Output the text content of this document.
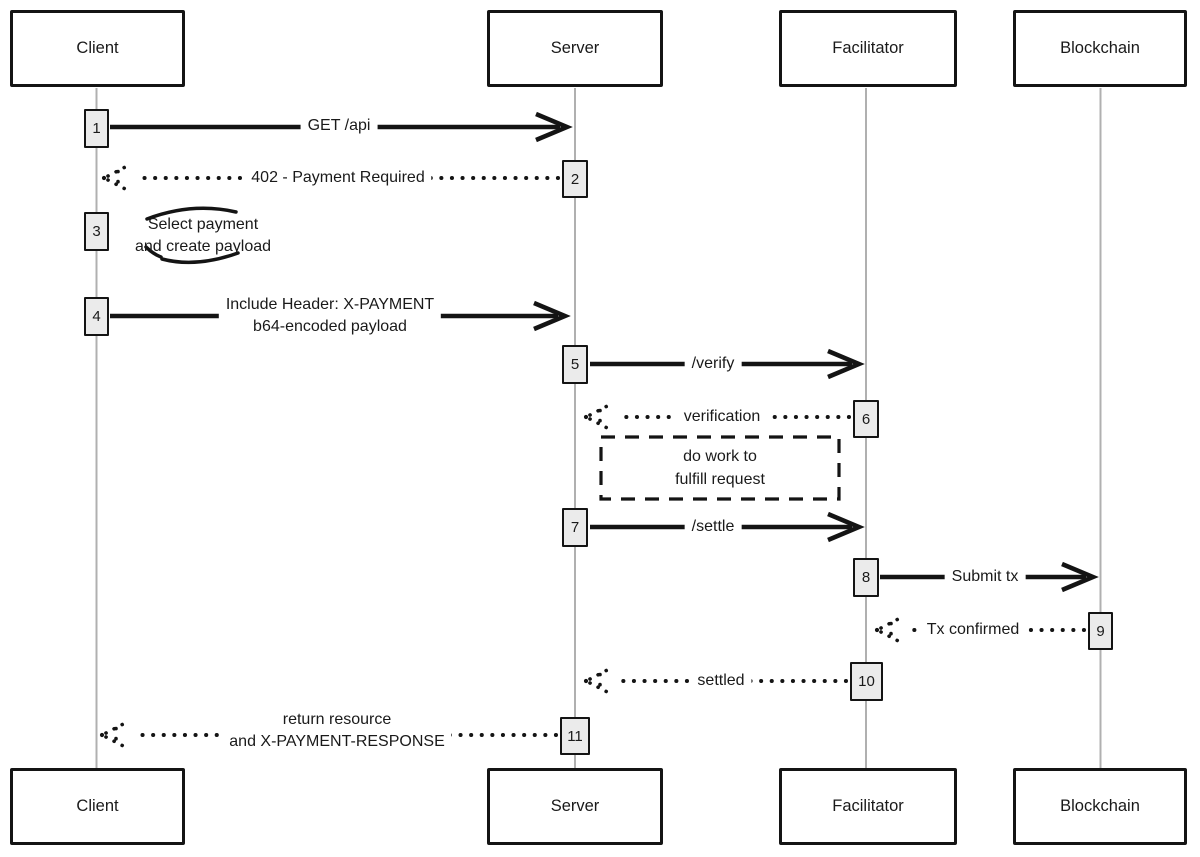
Client	Server	Facilitator	Blockchain
Client	Server	Facilitator	Blockchain
1
2
3
4
5
6
7
8
9
10
11
GET /api
402 - Payment Required
Select payment
and create payload
Include Header: X-PAYMENT
b64-encoded payload
/verify
verification
/settle
Submit tx
Tx confirmed
settled
return resource
and X-PAYMENT-RESPONSE
do work to
fulfill request
